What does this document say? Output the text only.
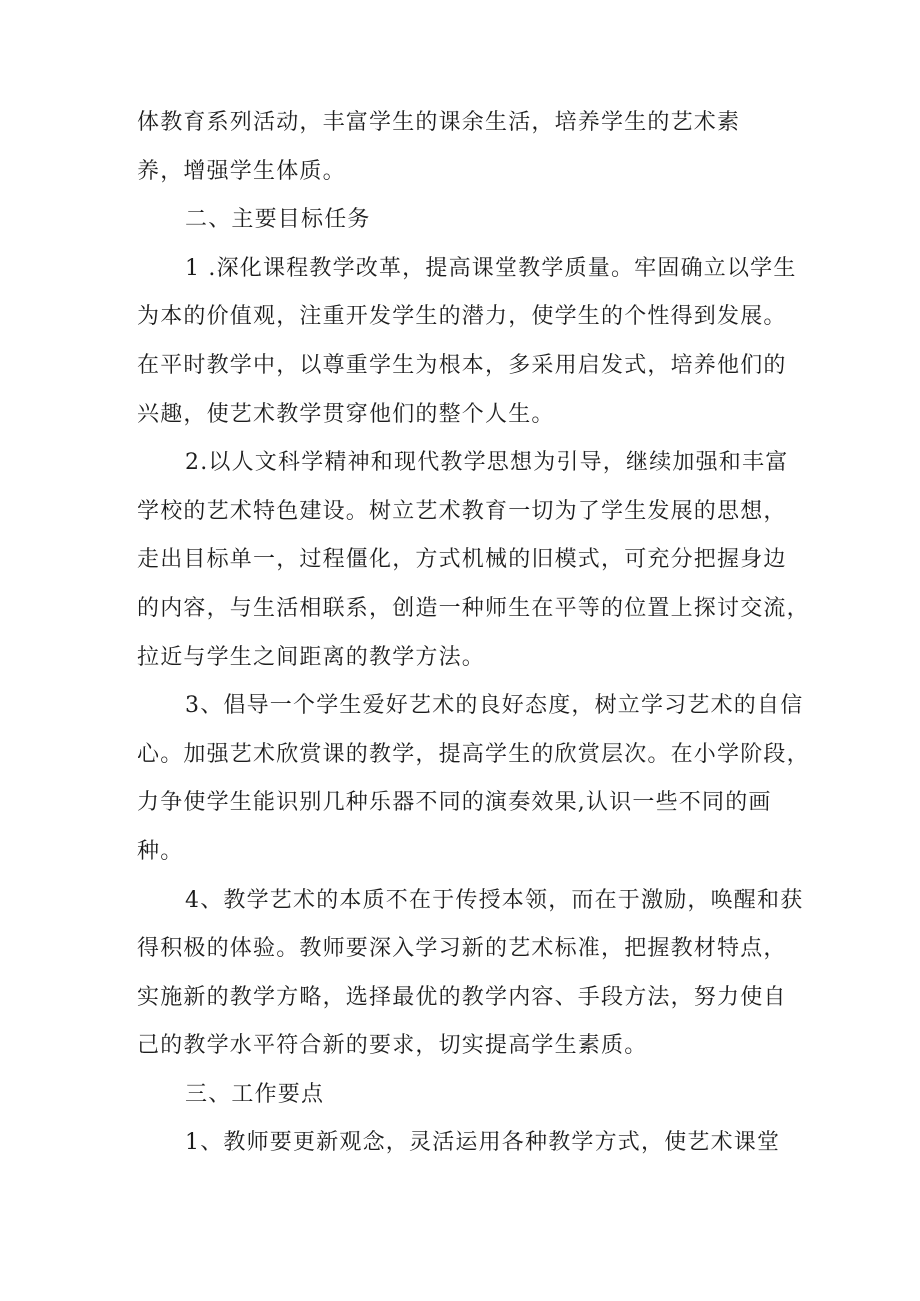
体教育系列活动，丰富学生的课余生活，培养学生的艺术素
养，增强学生体质。
二、主要目标任务
1 .深化课程教学改革，提高课堂教学质量。牢固确立以学生
为本的价值观，注重开发学生的潜力，使学生的个性得到发展。
在平时教学中，以尊重学生为根本，多采用启发式，培养他们的
兴趣，使艺术教学贯穿他们的整个人生。
2.以人文科学精神和现代教学思想为引导，继续加强和丰富
学校的艺术特色建设。树立艺术教育一切为了学生发展的思想，
走出目标单一，过程僵化，方式机械的旧模式，可充分把握身边
的内容，与生活相联系，创造一种师生在平等的位置上探讨交流，
拉近与学生之间距离的教学方法。
3、倡导一个学生爱好艺术的良好态度，树立学习艺术的自信
心。加强艺术欣赏课的教学，提高学生的欣赏层次。在小学阶段，
力争使学生能识别几种乐器不同的演奏效果,认识一些不同的画
种。
4、教学艺术的本质不在于传授本领，而在于激励，唤醒和获
得积极的体验。教师要深入学习新的艺术标准，把握教材特点，
实施新的教学方略，选择最优的教学内容、手段方法，努力使自
己的教学水平符合新的要求，切实提高学生素质。
三、工作要点
1、教师要更新观念，灵活运用各种教学方式，使艺术课堂
